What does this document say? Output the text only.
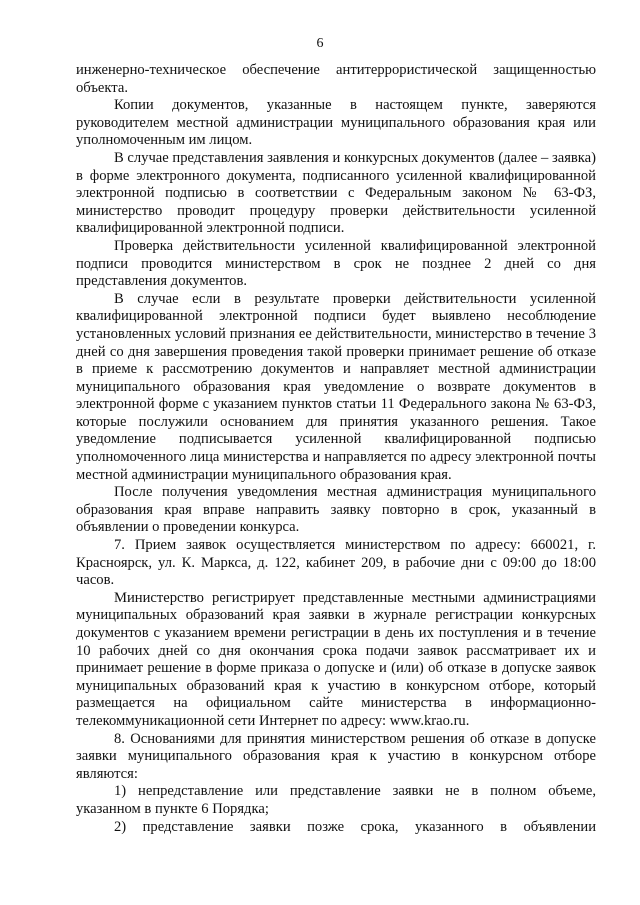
6

инженерно-техническое обеспечение антитеррористической защищенностью объекта.

Копии документов, указанные в настоящем пункте, заверяются руководителем местной администрации муниципального образования края или уполномоченным им лицом.

В случае представления заявления и конкурсных документов (далее – заявка) в форме электронного документа, подписанного усиленной квалифицированной электронной подписью в соответствии с Федеральным законом № 63-ФЗ, министерство проводит процедуру проверки действительности усиленной квалифицированной электронной подписи.

Проверка действительности усиленной квалифицированной электронной подписи проводится министерством в срок не позднее 2 дней со дня представления документов.

В случае если в результате проверки действительности усиленной квалифицированной электронной подписи будет выявлено несоблюдение установленных условий признания ее действительности, министерство в течение 3 дней со дня завершения проведения такой проверки принимает решение об отказе в приеме к рассмотрению документов и направляет местной администрации муниципального образования края уведомление о возврате документов в электронной форме с указанием пунктов статьи 11 Федерального закона № 63-ФЗ, которые послужили основанием для принятия указанного решения. Такое уведомление подписывается усиленной квалифицированной подписью уполномоченного лица министерства и направляется по адресу электронной почты местной администрации муниципального образования края.

После получения уведомления местная администрация муниципального образования края вправе направить заявку повторно в срок, указанный в объявлении о проведении конкурса.

7. Прием заявок осуществляется министерством по адресу: 660021, г. Красноярск, ул. К. Маркса, д. 122, кабинет 209, в рабочие дни с 09:00 до 18:00 часов.

Министерство регистрирует представленные местными администрациями муниципальных образований края заявки в журнале регистрации конкурсных документов с указанием времени регистрации в день их поступления и в течение 10 рабочих дней со дня окончания срока подачи заявок рассматривает их и принимает решение в форме приказа о допуске и (или) об отказе в допуске заявок муниципальных образований края к участию в конкурсном отборе, который размещается на официальном сайте министерства в информационно-телекоммуникационной сети Интернет по адресу: www.krao.ru.

8. Основаниями для принятия министерством решения об отказе в допуске заявки муниципального образования края к участию в конкурсном отборе являются:

1) непредставление или представление заявки не в полном объеме, указанном в пункте 6 Порядка;

2) представление заявки позже срока, указанного в объявлении
